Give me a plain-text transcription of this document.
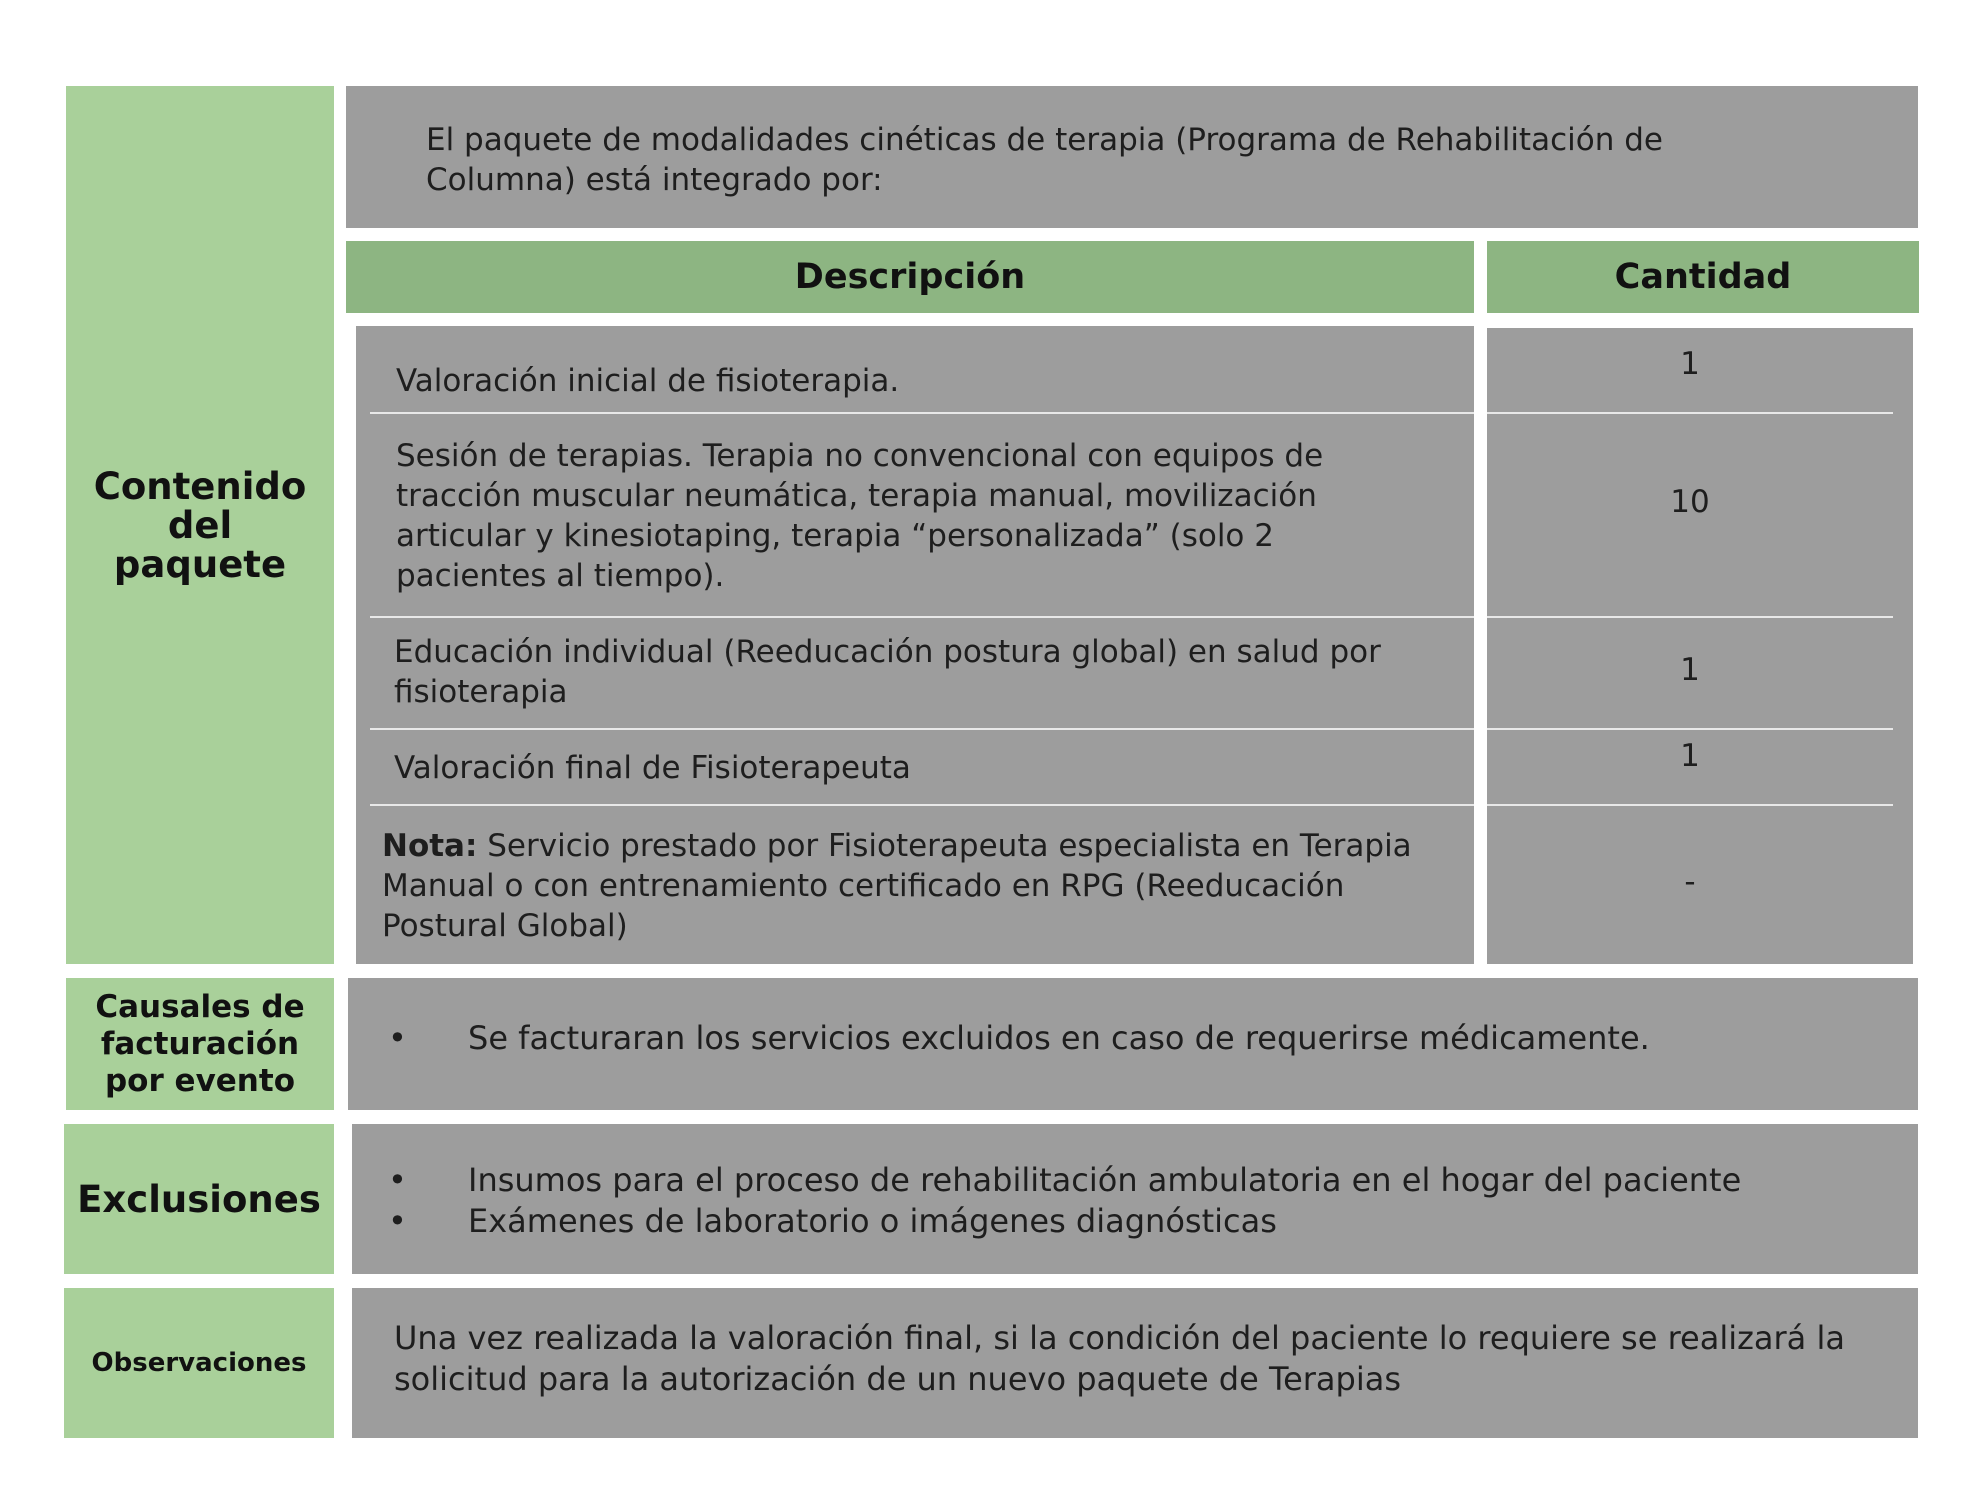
Contenido del paquete
Causales de facturación por evento
Exclusiones
Observaciones
El paquete de modalidades cinéticas de terapia (Programa de Rehabilitación de Columna) está integrado por:
Descripción	Cantidad
Valoración inicial de fisioterapia.
Sesión de terapias. Terapia no convencional con equipos de tracción muscular neumática, terapia manual, movilización articular y kinesiotaping, terapia “personalizada” (solo 2 pacientes al tiempo).
Educación individual (Reeducación postura global) en salud por fisioterapia
Valoración final de Fisioterapeuta
Nota: Servicio prestado por Fisioterapeuta especialista en Terapia Manual o con entrenamiento certificado en RPG (Reeducación Postural Global)
1
10
1
1
-
• Se facturaran los servicios excluidos en caso de requerirse médicamente.
• Insumos para el proceso de rehabilitación ambulatoria en el hogar del paciente
• Exámenes de laboratorio o imágenes diagnósticas
Una vez realizada la valoración final, si la condición del paciente lo requiere se realizará la solicitud para la autorización de un nuevo paquete de Terapias
